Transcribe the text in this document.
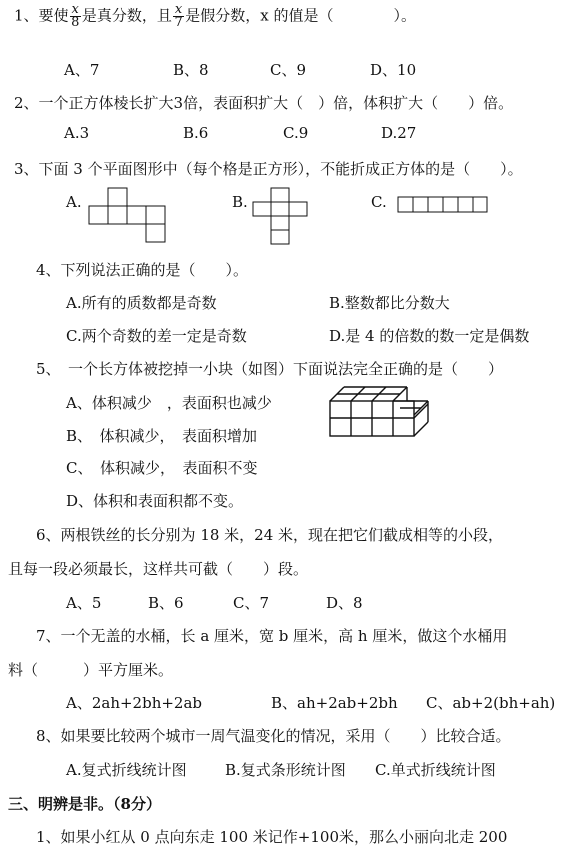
1、要使 $\frac{x}{8}$ 是真分数，且 $\frac{x}{7}$ 是假分数，x 的值是（　　　　）。
A、7	B、8	C、9	D、10
2、一个正方体棱长扩大3倍，表面积扩大（　）倍，体积扩大（　　）倍。
A.3	B.6	C.9	D.27
3、下面 3 个平面图形中（每个格是正方形），不能折成正方体的是（　　）。
A.	B.	C.
4、下列说法正确的是（　　）。
A.所有的质数都是奇数	B.整数都比分数大
C.两个奇数的差一定是奇数	D.是 4 的倍数的数一定是偶数
5、　一个长方体被挖掉一小块（如图）下面说法完全正确的是（　　）
A、体积减少　，表面积也减少
B、　体积减少，　表面积增加
C、　体积减少，　表面积不变
D、体积和表面积都不变。
6、两根铁丝的长分别为 18 米，24 米，现在把它们截成相等的小段，
且每一段必须最长，这样共可截（　　）段。
A、5	B、6	C、7	D、8
7、一个无盖的水桶，长 a 厘米，宽 b 厘米，高 h 厘米，做这个水桶用
料（　　　）平方厘米。
A、2ah+2bh+2ab	B、ah+2ab+2bh C、ab+2(bh+ah)
8、如果要比较两个城市一周气温变化的情况，采用（　　）比较合适。
A.复式折线统计图	B.复式条形统计图 C.单式折线统计图
三、明辨是非。（8分）
1、如果小红从 0 点向东走 100 米记作+100米，那么小丽向北走 200
